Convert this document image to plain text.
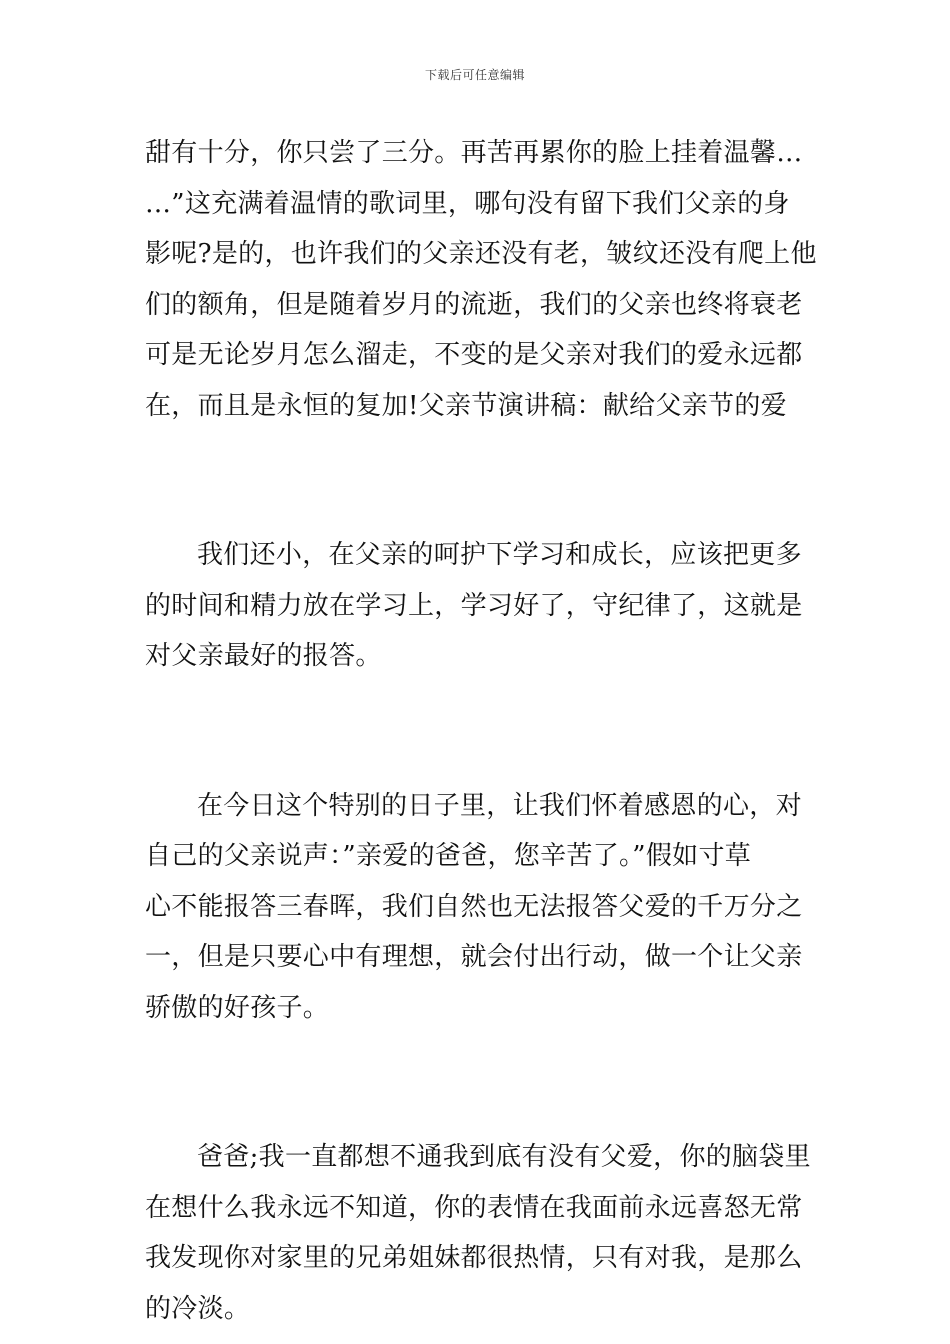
下载后可任意编辑
甜有十分，你只尝了三分。再苦再累你的脸上挂着温馨…
…”这充满着温情的歌词里，哪句没有留下我们父亲的身
影呢?是的，也许我们的父亲还没有老，皱纹还没有爬上他
们的额角，但是随着岁月的流逝，我们的父亲也终将衰老
可是无论岁月怎么溜走，不变的是父亲对我们的爱永远都
在，而且是永恒的复加!父亲节演讲稿：献给父亲节的爱
我们还小，在父亲的呵护下学习和成长，应该把更多
的时间和精力放在学习上，学习好了，守纪律了，这就是
对父亲最好的报答。
在今日这个特别的日子里，让我们怀着感恩的心，对
自己的父亲说声：”亲爱的爸爸，您辛苦了。”假如寸草
心不能报答三春晖，我们自然也无法报答父爱的千万分之
一，但是只要心中有理想，就会付出行动，做一个让父亲
骄傲的好孩子。
爸爸;我一直都想不通我到底有没有父爱，你的脑袋里
在想什么我永远不知道，你的表情在我面前永远喜怒无常
我发现你对家里的兄弟姐妹都很热情，只有对我，是那么
的冷淡。
